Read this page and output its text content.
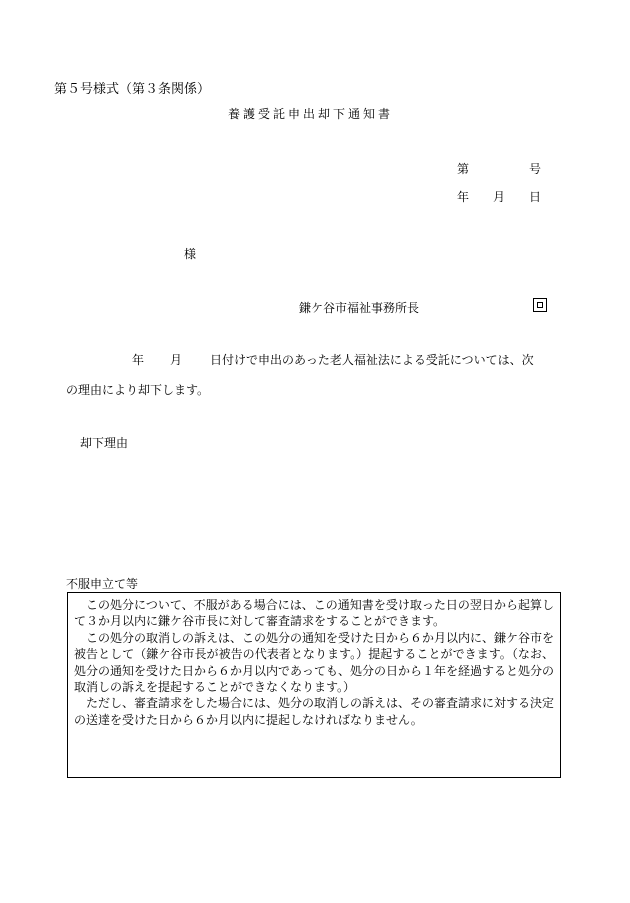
第５号様式（第３条関係）
養護受託申出却下通知書
第	号
年 月 日
様
鎌ケ谷市福祉事務所長
年 月 日付けで申出のあった老人福祉法による受託については、次
の理由により却下します。
却下理由
不服申立て等

この処分について、不服がある場合には、この通知書を受け取った日の翌日から起算して３か月以内に鎌ケ谷市長に対して審査請求をすることができます。

この処分の取消しの訴えは、この処分の通知を受けた日から６か月以内に、鎌ケ谷市を被告として（鎌ケ谷市長が被告の代表者となります。）提起することができます。（なお、処分の通知を受けた日から６か月以内であっても、処分の日から１年を経過すると処分の取消しの訴えを提起することができなくなります。）

ただし、審査請求をした場合には、処分の取消しの訴えは、その審査請求に対する決定の送達を受けた日から６か月以内に提起しなければなりません。
